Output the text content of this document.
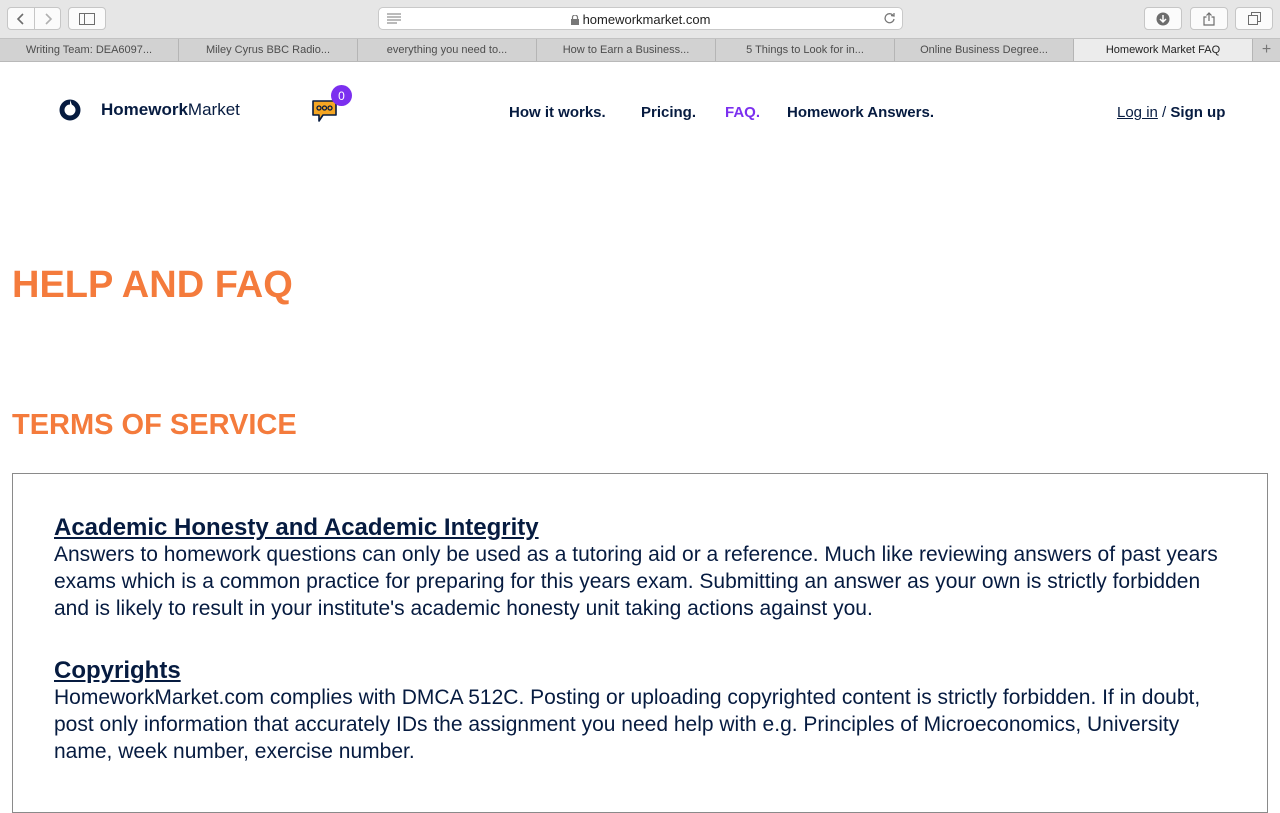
homeworkmarket.com
Writing Team: DEA6097...	Miley Cyrus BBC Radio...	everything you need to...	How to Earn a Business...	5 Things to Look for in...	Online Business Degree...	Homework Market FAQ	+
HomeworkMarket
0
How it works. Pricing. FAQ. Homework Answers.	Log in / Sign up
HELP AND FAQ
TERMS OF SERVICE
Academic Honesty and Academic Integrity
Answers to homework questions can only be used as a tutoring aid or a reference. Much like reviewing answers of past years exams which is a common practice for preparing for this years exam. Submitting an answer as your own is strictly forbidden and is likely to result in your institute's academic honesty unit taking actions against you.
Copyrights
HomeworkMarket.com complies with DMCA 512C. Posting or uploading copyrighted content is strictly forbidden. If in doubt, post only information that accurately IDs the assignment you need help with e.g. Principles of Microeconomics, University name, week number, exercise number.
